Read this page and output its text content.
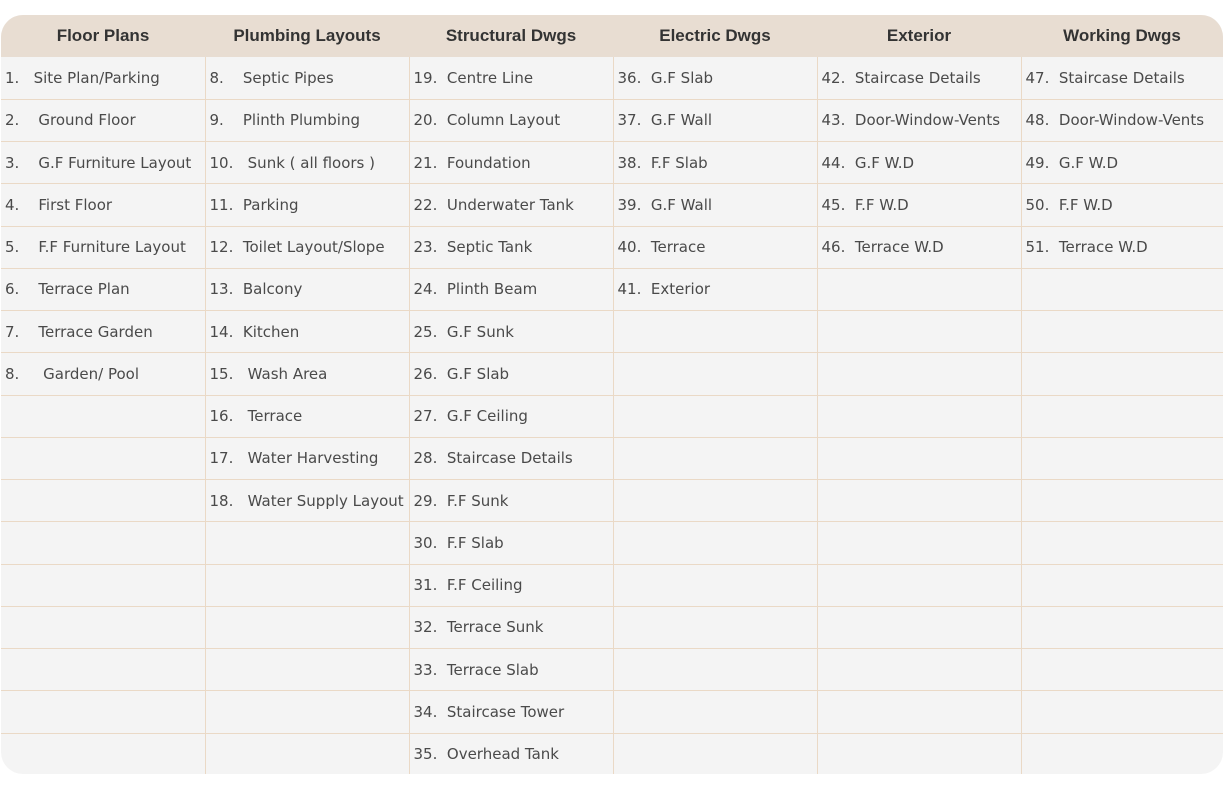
Floor Plans	Plumbing Layouts	Structural Dwgs	Electric Dwgs	Exterior	Working Dwgs
1.   Site Plan/Parking	8.    Septic Pipes	19.  Centre Line	36.  G.F Slab	42.  Staircase Details	47.  Staircase Details
2.    Ground Floor	9.    Plinth Plumbing	20.  Column Layout	37.  G.F Wall	43.  Door-Window-Vents	48.  Door-Window-Vents
3.    G.F Furniture Layout	10.   Sunk ( all floors )	21.  Foundation	38.  F.F Slab	44.  G.F W.D	49.  G.F W.D
4.    First Floor	11.  Parking	22.  Underwater Tank	39.  G.F Wall	45.  F.F W.D	50.  F.F W.D
5.    F.F Furniture Layout	12.  Toilet Layout/Slope	23.  Septic Tank	40.  Terrace	46.  Terrace W.D	51.  Terrace W.D
6.    Terrace Plan	13.  Balcony	24.  Plinth Beam	41.  Exterior		
7.    Terrace Garden	14.  Kitchen	25.  G.F Sunk			
8.     Garden/ Pool	15.   Wash Area	26.  G.F Slab			
	16.   Terrace	27.  G.F Ceiling			
	17.   Water Harvesting	28.  Staircase Details			
	18.   Water Supply Layout	29.  F.F Sunk			
		30.  F.F Slab			
		31.  F.F Ceiling			
		32.  Terrace Sunk			
		33.  Terrace Slab			
		34.  Staircase Tower			
		35.  Overhead Tank			
